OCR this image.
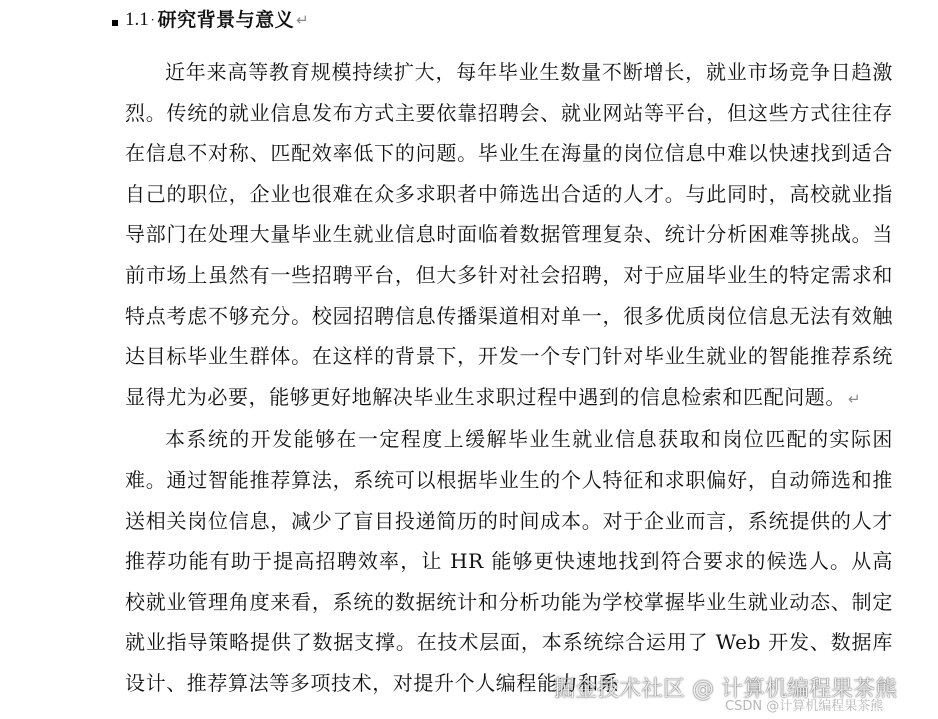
1.1 · 研究背景与意义 ↵

近年来高等教育规模持续扩大，每年毕业生数量不断增长，就业市场竞争日趋激烈。传统的就业信息发布方式主要依靠招聘会、就业网站等平台，但这些方式往往存在信息不对称、匹配效率低下的问题。毕业生在海量的岗位信息中难以快速找到适合自己的职位，企业也很难在众多求职者中筛选出合适的人才。与此同时，高校就业指导部门在处理大量毕业生就业信息时面临着数据管理复杂、统计分析困难等挑战。当前市场上虽然有一些招聘平台，但大多针对社会招聘，对于应届毕业生的特定需求和特点考虑不够充分。校园招聘信息传播渠道相对单一，很多优质岗位信息无法有效触达目标毕业生群体。在这样的背景下，开发一个专门针对毕业生就业的智能推荐系统显得尤为必要，能够更好地解决毕业生求职过程中遇到的信息检索和匹配问题。 ↵

本系统的开发能够在一定程度上缓解毕业生就业信息获取和岗位匹配的实际困难。通过智能推荐算法，系统可以根据毕业生的个人特征和求职偏好，自动筛选和推送相关岗位信息，减少了盲目投递简历的时间成本。对于企业而言，系统提供的人才推荐功能有助于提高招聘效率，让 HR 能够更快速地找到符合要求的候选人。从高校就业管理角度来看，系统的数据统计和分析功能为学校掌握毕业生就业动态、制定就业指导策略提供了数据支撑。在技术层面，本系统综合运用了 Web 开发、数据库设计、推荐算法等多项技术，对提升个人编程能力和系

掘金技术社区 @ 计算机编程果茶熊
CSDN @计算机编程果茶熊
